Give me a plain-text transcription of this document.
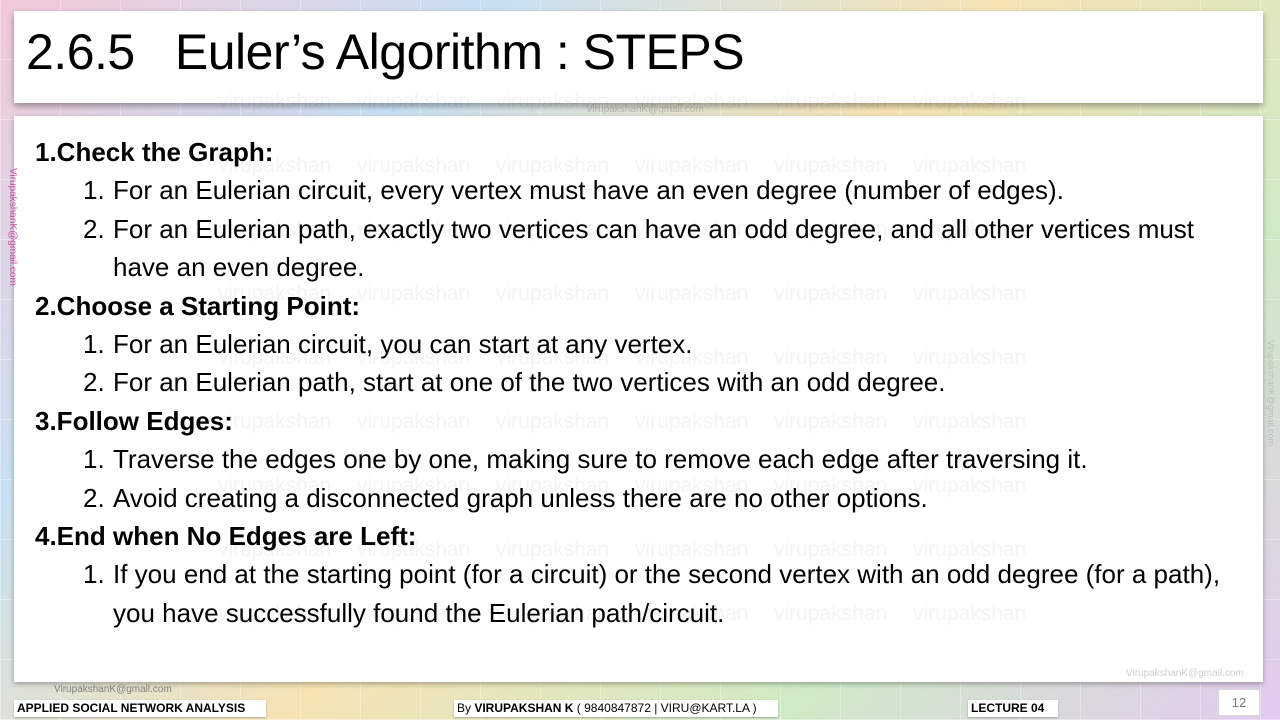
2.6.5   Euler’s Algorithm : STEPS
VirupakshanK@gmail.com
VirupakshanK@gmail.com
VirupakshanK@gmail.com
VirupakshanK@gmail.com
VirupakshanK@gmall.com
1.Check the Graph:
1. For an Eulerian circuit, every vertex must have an even degree (number of edges).
2. For an Eulerian path, exactly two vertices can have an odd degree, and all other vertices must have an even degree.
2.Choose a Starting Point:
1. For an Eulerian circuit, you can start at any vertex.
2. For an Eulerian path, start at one of the two vertices with an odd degree.
3.Follow Edges:
1. Traverse the edges one by one, making sure to remove each edge after traversing it.
2. Avoid creating a disconnected graph unless there are no other options.
4.End when No Edges are Left:
1. If you end at the starting point (for a circuit) or the second vertex with an odd degree (for a path), you have successfully found the Eulerian path/circuit.
APPLIED SOCIAL NETWORK ANALYSIS	By VIRUPAKSHAN K ( 9840847872 | VIRU@KART.LA )	LECTURE 04	12
